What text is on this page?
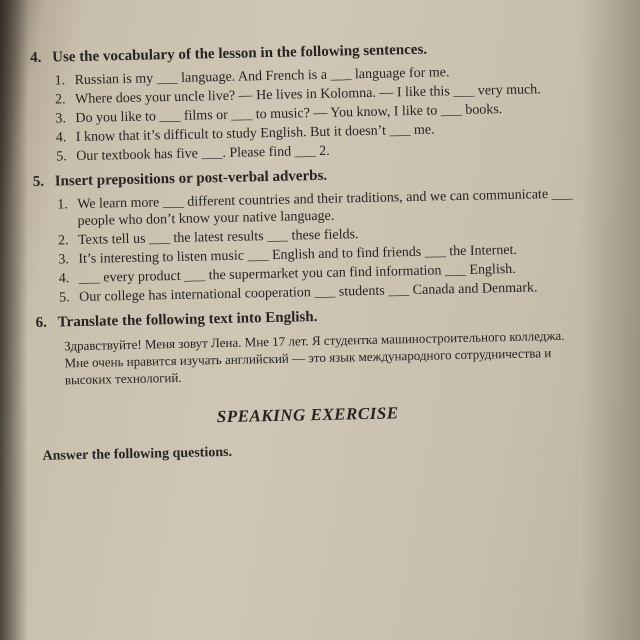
4. Use the vocabulary of the lesson in the following sentences.
1. Russian is my ___ language. And French is a ___ language for me.
2. Where does your uncle live? — He lives in Kolomna. — I like this ___ very much.
3. Do you like to ___ films or ___ to music? — You know, I like to ___ books.
4. I know that it’s difficult to study English. But it doesn’t ___ me.
5. Our textbook has five ___. Please find ___ 2.
5. Insert prepositions or post-verbal adverbs.
1. We learn more ___ different countries and their traditions, and we can communicate ___ people who don’t know your native language.
2. Texts tell us ___ the latest results ___ these fields.
3. It’s interesting to listen music ___ English and to find friends ___ the Internet.
4. ___ every product ___ the supermarket you can find information ___ English.
5. Our college has international cooperation ___ students ___ Canada and Denmark.
6. Translate the following text into English.
Здравствуйте! Меня зовут Лена. Мне 17 лет. Я студентка машиностроительного колледжа. Мне очень нравится изучать английский — это язык международного сотрудничества и высоких технологий.
SPEAKING EXERCISE
Answer the following questions.
